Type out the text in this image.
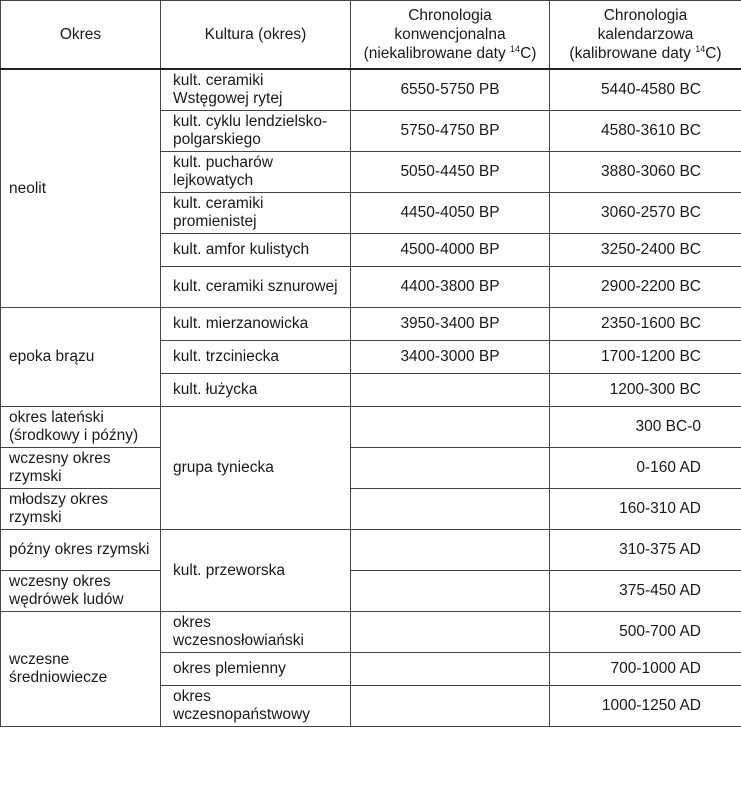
Okres	Kultura (okres)	Chronologia
konwencjonalna
(niekalibrowane daty $^{14}$C)	Chronologia
kalendarzowa
(kalibrowane daty $^{14}$C)
neolit	kult. ceramiki Wstęgowej rytej	6550-5750 PB	5440-4580 BC
	kult. cyklu lendzielsko-polgarskiego	5750-4750 BP	4580-3610 BC
	kult. pucharów lejkowatych	5050-4450 BP	3880-3060 BC
	kult. ceramiki promienistej	4450-4050 BP	3060-2570 BC
	kult. amfor kulistych	4500-4000 BP	3250-2400 BC
	kult. ceramiki sznurowej	4400-3800 BP	2900-2200 BC
epoka brązu	kult. mierzanowicka	3950-3400 BP	2350-1600 BC
	kult. trzciniecka	3400-3000 BP	1700-1200 BC
	kult. łużycka		1200-300 BC
okres lateński (środkowy i późny)	grupa tyniecka		300 BC-0
wczesny okres rzymski			0-160 AD
młodszy okres rzymski			160-310 AD
późny okres rzymski	kult. przeworska		310-375 AD
wczesny okres wędrówek ludów			375-450 AD
wczesne średniowiecze	okres wczesnosłowiański		500-700 AD
	okres plemienny		700-1000 AD
	okres wczesnopaństwowy		1000-1250 AD
